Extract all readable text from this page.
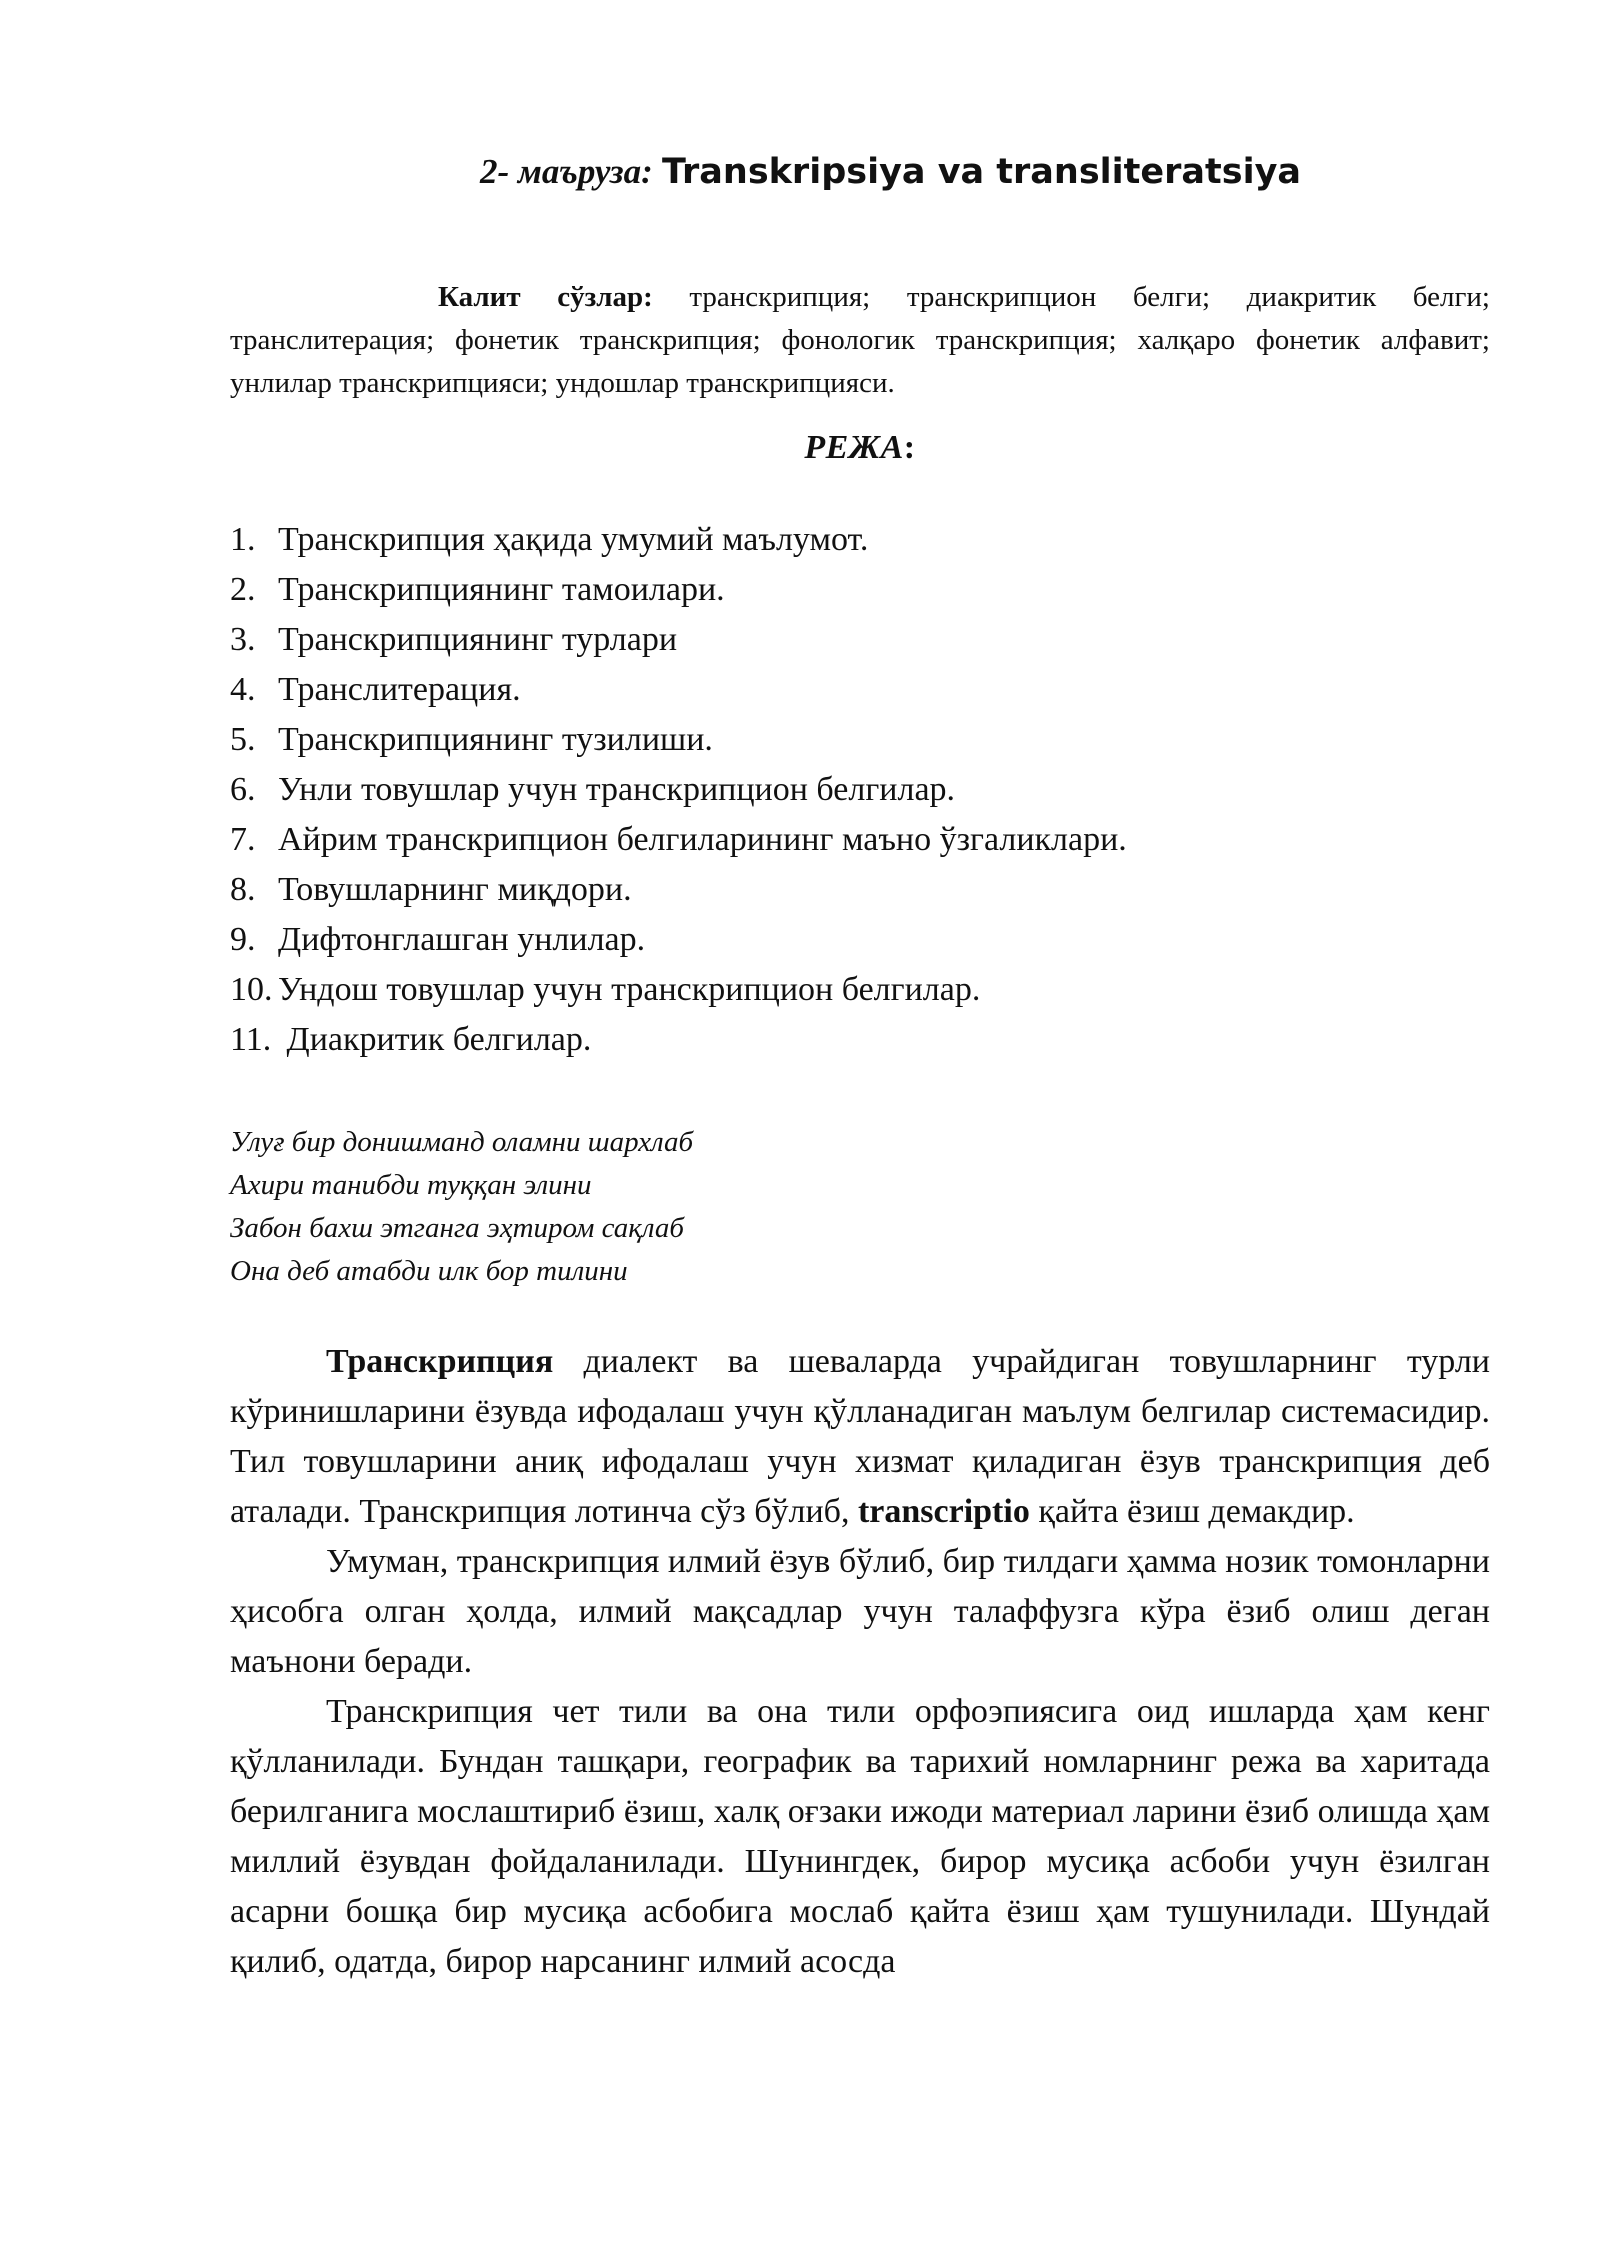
2- маъруза: Transkripsiya va transliteratsiya

Калит сўзлар: транскрипция; транскрипцион белги; диакритик белги; транслитерация; фонетик транскрипция; фонологик транскрипция; халқаро фонетик алфавит; унлилар транскрипцияси; ундошлар транскрипцияси.

РЕЖА:
1. Транскрипция ҳақида умумий маълумот.
2. Транскрипциянинг тамоилари.
3. Транскрипциянинг турлари
4. Транслитерация.
5. Транскрипциянинг тузилиши.
6. Унли товушлар учун транскрипцион белгилар.
7. Айрим транскрипцион белгиларининг маъно ўзгаликлари.
8. Товушларнинг миқдори.
9. Дифтонглашган унлилар.
10. Ундош товушлар учун транскрипцион белгилар.
11. Диакритик белгилар.
Улуғ бир донишманд оламни шархлаб
Ахири танибди туққан элини
Забон бахш этганга эҳтиром сақлаб
Она деб атабди илк бор тилини

Транскрипция диалект ва шеваларда учрайдиган товушларнинг турли кўринишларини ёзувда ифодалаш учун қўлланадиган маълум белгилар системасидир. Тил товушларини аниқ ифодалаш учун хизмат қиладиган ёзув транскрипция деб аталади. Транскрипция лотинча сўз бўлиб, transcriptio қайта ёзиш демакдир.

Умуман, транскрипция илмий ёзув бўлиб, бир тилдаги ҳамма нозик томонларни ҳисобга олган ҳолда, илмий мақсадлар учун талаффузга кўра ёзиб олиш деган маънони беради.

Транскрипция чет тили ва она тили орфоэпиясига оид ишларда ҳам кенг қўлланилади. Бундан ташқари, географик ва тарихий номларнинг режа ва харитада берилганига мослаштириб ёзиш, халқ оғзаки ижоди материал ларини ёзиб олишда ҳам миллий ёзувдан фойдаланилади. Шунингдек, бирор мусиқа асбоби учун ёзилган асарни бошқа бир мусиқа асбобига мослаб қайта ёзиш ҳам тушунилади. Шундай қилиб, одатда, бирор нарсанинг илмий асосда
